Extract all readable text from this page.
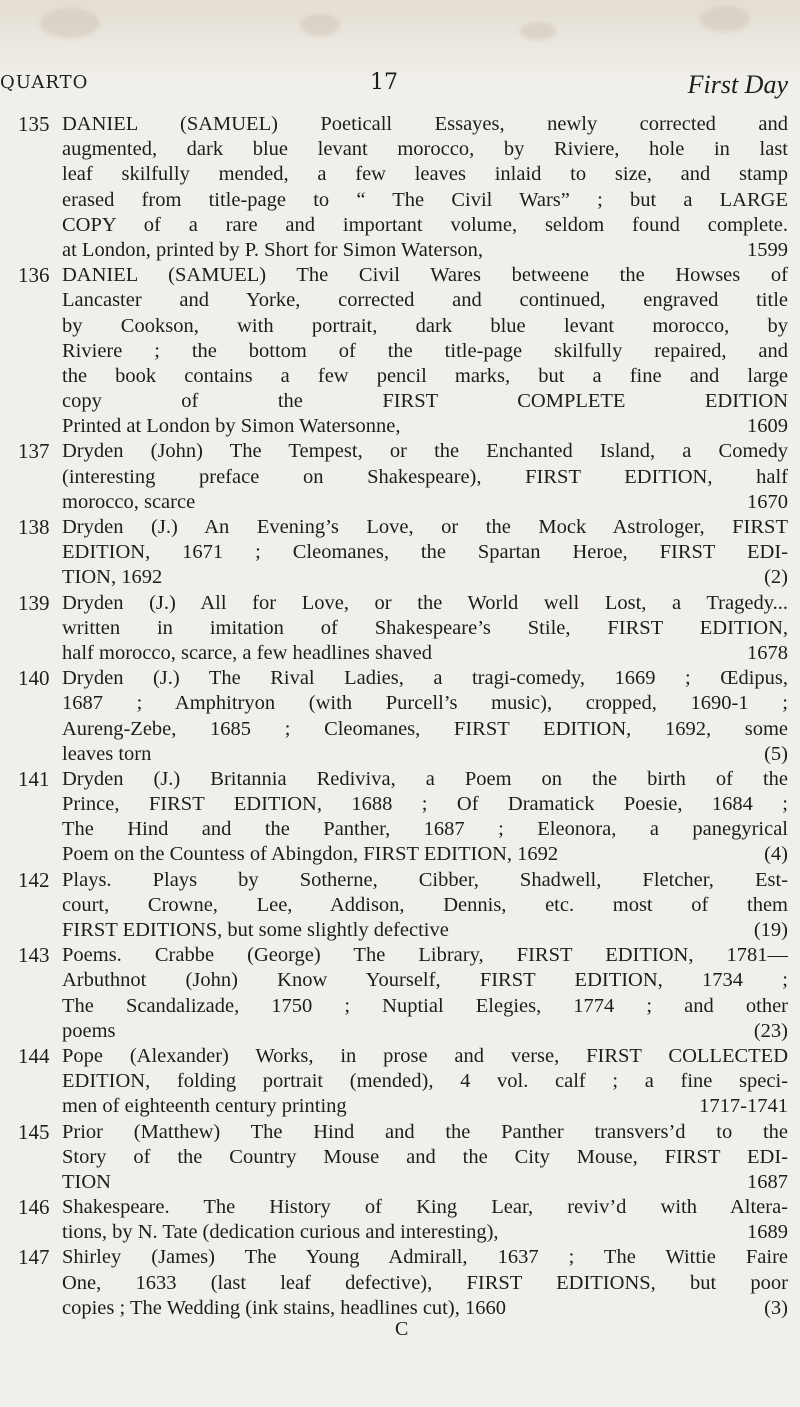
QUARTO	17	First Day
135 DANIEL (SAMUEL) Poeticall Essayes, newly corrected and
augmented, dark blue levant morocco, by Riviere, hole in last
leaf skilfully mended, a few leaves inlaid to size, and stamp
erased from title-page to “ The Civil Wars” ; but a LARGE
COPY of a rare and important volume, seldom found complete.
at London, printed by P. Short for Simon Waterson,	1599
136 DANIEL (SAMUEL) The Civil Wares betweene the Howses of
Lancaster and Yorke, corrected and continued, engraved title
by Cookson, with portrait, dark blue levant morocco, by
Riviere ; the bottom of the title-page skilfully repaired, and
the book contains a few pencil marks, but a fine and large
copy of the FIRST COMPLETE EDITION
Printed at London by Simon Watersonne,	1609
137 Dryden (John) The Tempest, or the Enchanted Island, a Comedy
(interesting preface on Shakespeare), FIRST EDITION, half
morocco, scarce	1670
138 Dryden (J.) An Evening’s Love, or the Mock Astrologer, FIRST
EDITION, 1671 ; Cleomanes, the Spartan Heroe, FIRST EDI-
TION, 1692	(2)
139 Dryden (J.) All for Love, or the World well Lost, a Tragedy...
written in imitation of Shakespeare’s Stile, FIRST EDITION,
half morocco, scarce, a few headlines shaved	1678
140 Dryden (J.) The Rival Ladies, a tragi-comedy, 1669 ; Œdipus,
1687 ; Amphitryon (with Purcell’s music), cropped, 1690-1 ;
Aureng-Zebe, 1685 ; Cleomanes, FIRST EDITION, 1692, some
leaves torn	(5)
141 Dryden (J.) Britannia Rediviva, a Poem on the birth of the
Prince, FIRST EDITION, 1688 ; Of Dramatick Poesie, 1684 ;
The Hind and the Panther, 1687 ; Eleonora, a panegyrical
Poem on the Countess of Abingdon, FIRST EDITION, 1692	(4)
142 Plays. Plays by Sotherne, Cibber, Shadwell, Fletcher, Est-
court, Crowne, Lee, Addison, Dennis, etc. most of them
FIRST EDITIONS, but some slightly defective	(19)
143 Poems. Crabbe (George) The Library, FIRST EDITION, 1781—
Arbuthnot (John) Know Yourself, FIRST EDITION, 1734 ;
The Scandalizade, 1750 ; Nuptial Elegies, 1774 ; and other
poems	(23)
144 Pope (Alexander) Works, in prose and verse, FIRST COLLECTED
EDITION, folding portrait (mended), 4 vol. calf ; a fine speci-
men of eighteenth century printing	1717-1741
145 Prior (Matthew) The Hind and the Panther transvers’d to the
Story of the Country Mouse and the City Mouse, FIRST EDI-
TION	1687
146 Shakespeare. The History of King Lear, reviv’d with Altera-
tions, by N. Tate (dedication curious and interesting),	1689
147 Shirley (James) The Young Admirall, 1637 ; The Wittie Faire
One, 1633 (last leaf defective), FIRST EDITIONS, but poor
copies ; The Wedding (ink stains, headlines cut), 1660	(3)
C
